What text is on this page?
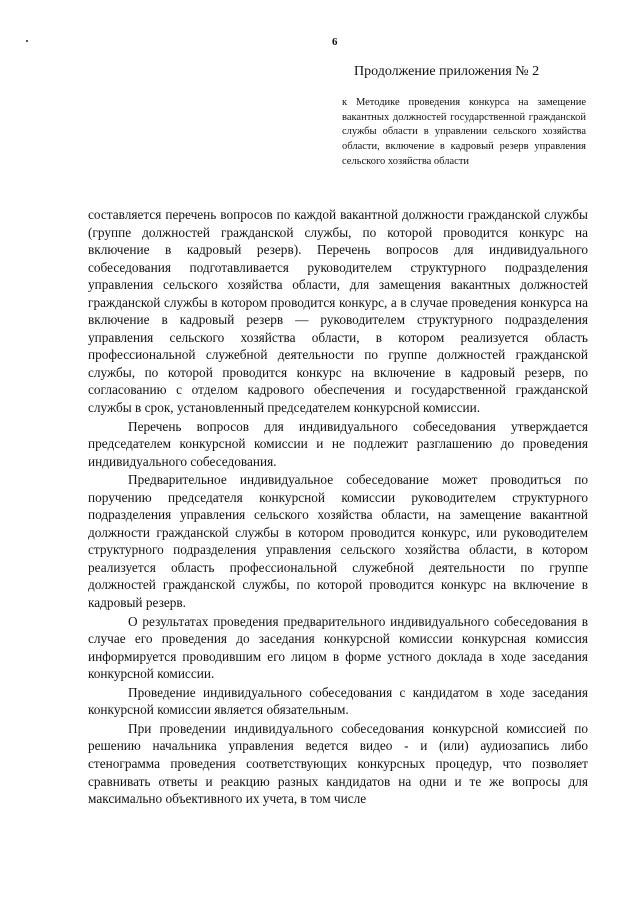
6
Продолжение приложения № 2
к Методике проведения конкурса на замещение вакантных должностей государственной гражданской службы области в управлении сельского хозяйства области, включение в кадровый резерв управления сельского хозяйства области

составляется перечень вопросов по каждой вакантной должности гражданской службы (группе должностей гражданской службы, по которой проводится конкурс на включение в кадровый резерв). Перечень вопросов для индивидуального собеседования подготавливается руководителем структурного подразделения управления сельского хозяйства области, для замещения вакантных должностей гражданской службы в котором проводится конкурс, а в случае проведения конкурса на включение в кадровый резерв — руководителем структурного подразделения управления сельского хозяйства области, в котором реализуется область профессиональной служебной деятельности по группе должностей гражданской службы, по которой проводится конкурс на включение в кадровый резерв, по согласованию с отделом кадрового обеспечения и государственной гражданской службы в срок, установленный председателем конкурсной комиссии.

Перечень вопросов для индивидуального собеседования утверждается председателем конкурсной комиссии и не подлежит разглашению до проведения индивидуального собеседования.

Предварительное индивидуальное собеседование может проводиться по поручению председателя конкурсной комиссии руководителем структурного подразделения управления сельского хозяйства области, на замещение вакантной должности гражданской службы в котором проводится конкурс, или руководителем структурного подразделения управления сельского хозяйства области, в котором реализуется область профессиональной служебной деятельности по группе должностей гражданской службы, по которой проводится конкурс на включение в кадровый резерв.

О результатах проведения предварительного индивидуального собеседования в случае его проведения до заседания конкурсной комиссии конкурсная комиссия информируется проводившим его лицом в форме устного доклада в ходе заседания конкурсной комиссии.

Проведение индивидуального собеседования с кандидатом в ходе заседания конкурсной комиссии является обязательным.

При проведении индивидуального собеседования конкурсной комиссией по решению начальника управления ведется видео - и (или) аудиозапись либо стенограмма проведения соответствующих конкурсных процедур, что позволяет сравнивать ответы и реакцию разных кандидатов на одни и те же вопросы для максимально объективного их учета, в том числе
